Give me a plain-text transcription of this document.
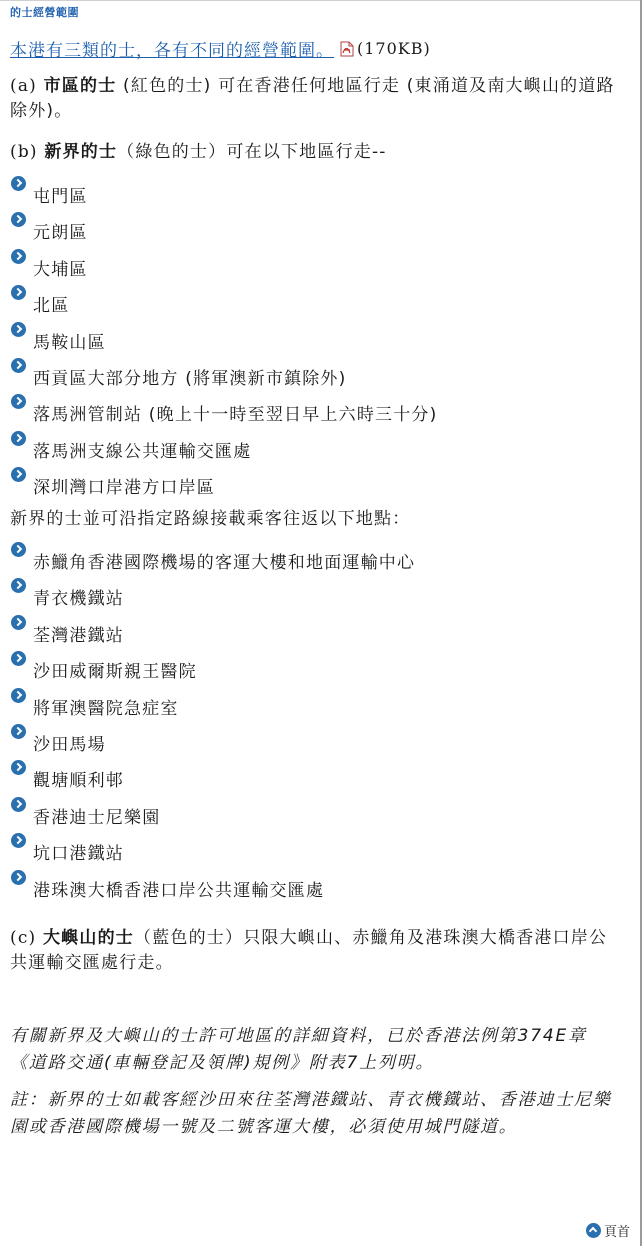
的士經營範圍
本港有三類的士，各有不同的經營範圍。 (170KB)
(a) 市區的士 (紅色的士) 可在香港任何地區行走 (東涌道及南大嶼山的道路除外)。
(b) 新界的士（綠色的士）可在以下地區行走--
屯門區
元朗區
大埔區
北區
馬鞍山區
西貢區大部分地方 (將軍澳新市鎮除外)
落馬洲管制站 (晚上十一時至翌日早上六時三十分)
落馬洲支線公共運輸交匯處
深圳灣口岸港方口岸區
新界的士並可沿指定路線接載乘客往返以下地點：
赤鱲角香港國際機場的客運大樓和地面運輸中心
青衣機鐵站
荃灣港鐵站
沙田威爾斯親王醫院
將軍澳醫院急症室
沙田馬場
觀塘順利邨
香港迪士尼樂園
坑口港鐵站
港珠澳大橋香港口岸公共運輸交匯處
(c) 大嶼山的士（藍色的士）只限大嶼山、赤鱲角及港珠澳大橋香港口岸公共運輸交匯處行走。
有關新界及大嶼山的士許可地區的詳細資料，已於香港法例第374E章《道路交通(車輛登記及領牌)規例》附表7上列明。
註：新界的士如載客經沙田來往荃灣港鐵站、青衣機鐵站、香港迪士尼樂園或香港國際機場一號及二號客運大樓，必須使用城門隧道。
頁首
